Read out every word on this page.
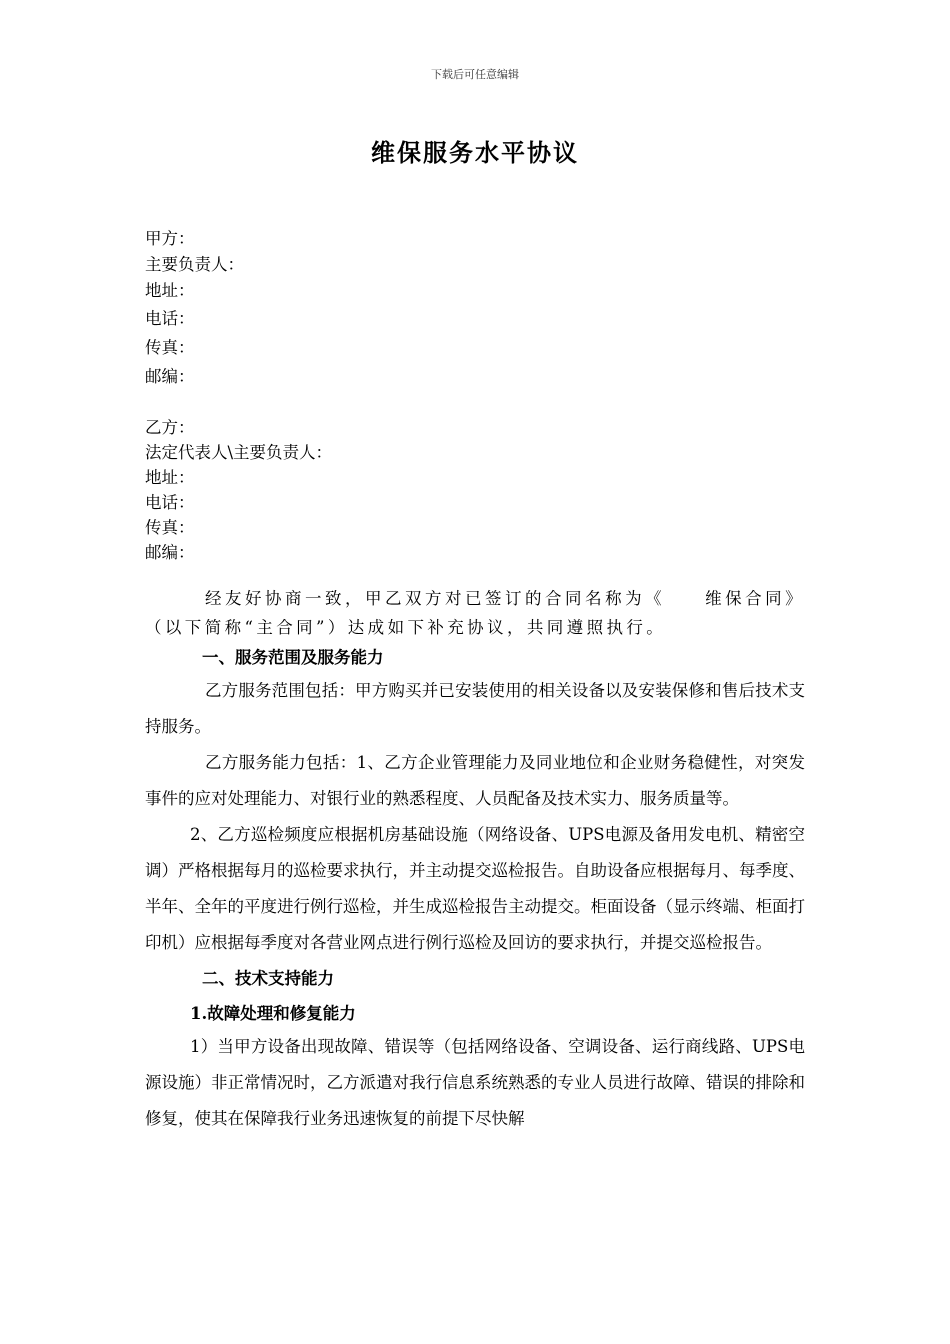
下载后可任意编辑
维保服务水平协议
甲方：
主要负责人：
地址：
电话：
传真：
邮编：
乙方：
法定代表人\主要负责人：
地址：
电话：
传真：
邮编：

经友好协商一致，甲乙双方对已签订的合同名称为《　　维保合同》（以下简称“主合同”）达成如下补充协议，共同遵照执行。

一、服务范围及服务能力

乙方服务范围包括：甲方购买并已安装使用的相关设备以及安装保修和售后技术支持服务。

乙方服务能力包括：1、乙方企业管理能力及同业地位和企业财务稳健性，对突发事件的应对处理能力、对银行业的熟悉程度、人员配备及技术实力、服务质量等。

2、乙方巡检频度应根据机房基础设施（网络设备、UPS电源及备用发电机、精密空调）严格根据每月的巡检要求执行，并主动提交巡检报告。自助设备应根据每月、每季度、半年、全年的平度进行例行巡检，并生成巡检报告主动提交。柜面设备（显示终端、柜面打印机）应根据每季度对各营业网点进行例行巡检及回访的要求执行，并提交巡检报告。

二、技术支持能力
1.故障处理和修复能力

1）当甲方设备出现故障、错误等（包括网络设备、空调设备、运行商线路、UPS电源设施）非正常情况时，乙方派遣对我行信息系统熟悉的专业人员进行故障、错误的排除和修复，使其在保障我行业务迅速恢复的前提下尽快解
